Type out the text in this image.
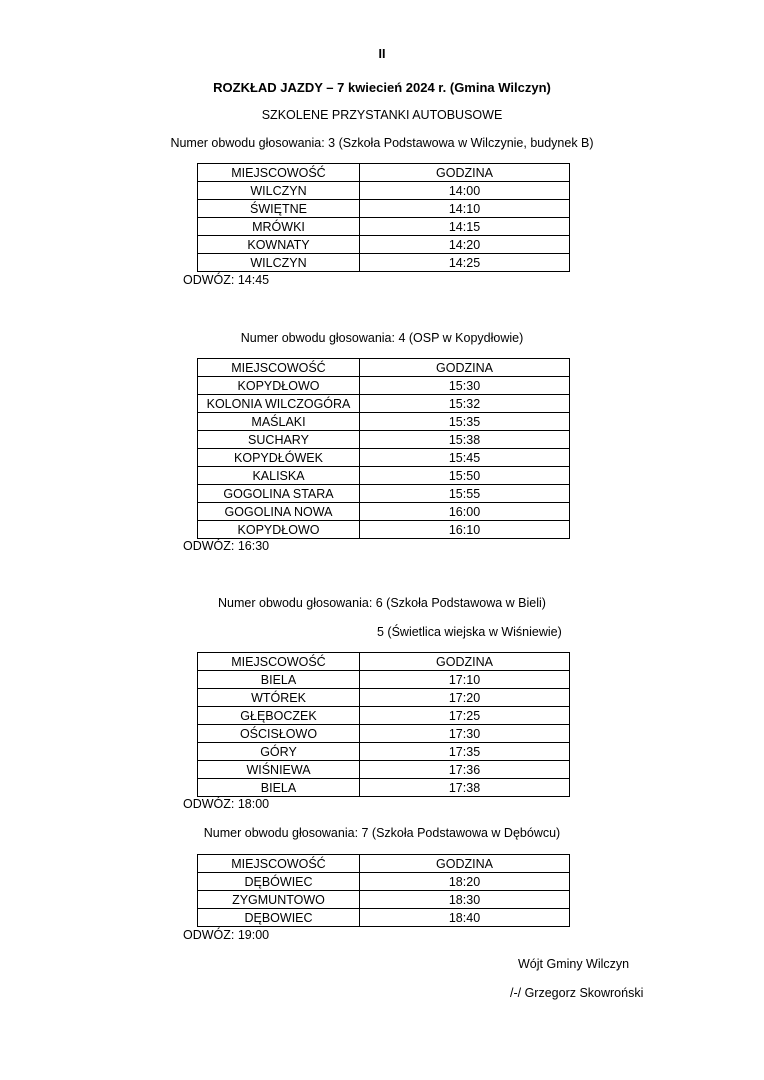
II
ROZKŁAD JAZDY – 7 kwiecień 2024 r. (Gmina Wilczyn)
SZKOLENE PRZYSTANKI AUTOBUSOWE
Numer obwodu głosowania: 3 (Szkoła Podstawowa w Wilczynie, budynek B)
MIEJSCOWOŚĆ	GODZINA
WILCZYN	14:00
ŚWIĘTNE	14:10
MRÓWKI	14:15
KOWNATY	14:20
WILCZYN	14:25
ODWÓZ: 14:45
Numer obwodu głosowania: 4 (OSP w Kopydłowie)
MIEJSCOWOŚĆ	GODZINA
KOPYDŁOWO	15:30
KOLONIA WILCZOGÓRA	15:32
MAŚLAKI	15:35
SUCHARY	15:38
KOPYDŁÓWEK	15:45
KALISKA	15:50
GOGOLINA STARA	15:55
GOGOLINA NOWA	16:00
KOPYDŁOWO	16:10
ODWÓZ: 16:30
Numer obwodu głosowania: 6 (Szkoła Podstawowa w Bieli)
5 (Świetlica wiejska w Wiśniewie)
MIEJSCOWOŚĆ	GODZINA
BIELA	17:10
WTÓREK	17:20
GŁĘBOCZEK	17:25
OŚCISŁOWO	17:30
GÓRY	17:35
WIŚNIEWA	17:36
BIELA	17:38
ODWÓZ: 18:00
Numer obwodu głosowania: 7 (Szkoła Podstawowa w Dębówcu)
MIEJSCOWOŚĆ	GODZINA
DĘBÓWIEC	18:20
ZYGMUNTOWO	18:30
DĘBOWIEC	18:40
ODWÓZ: 19:00
Wójt Gminy Wilczyn
/-/ Grzegorz Skowroński
